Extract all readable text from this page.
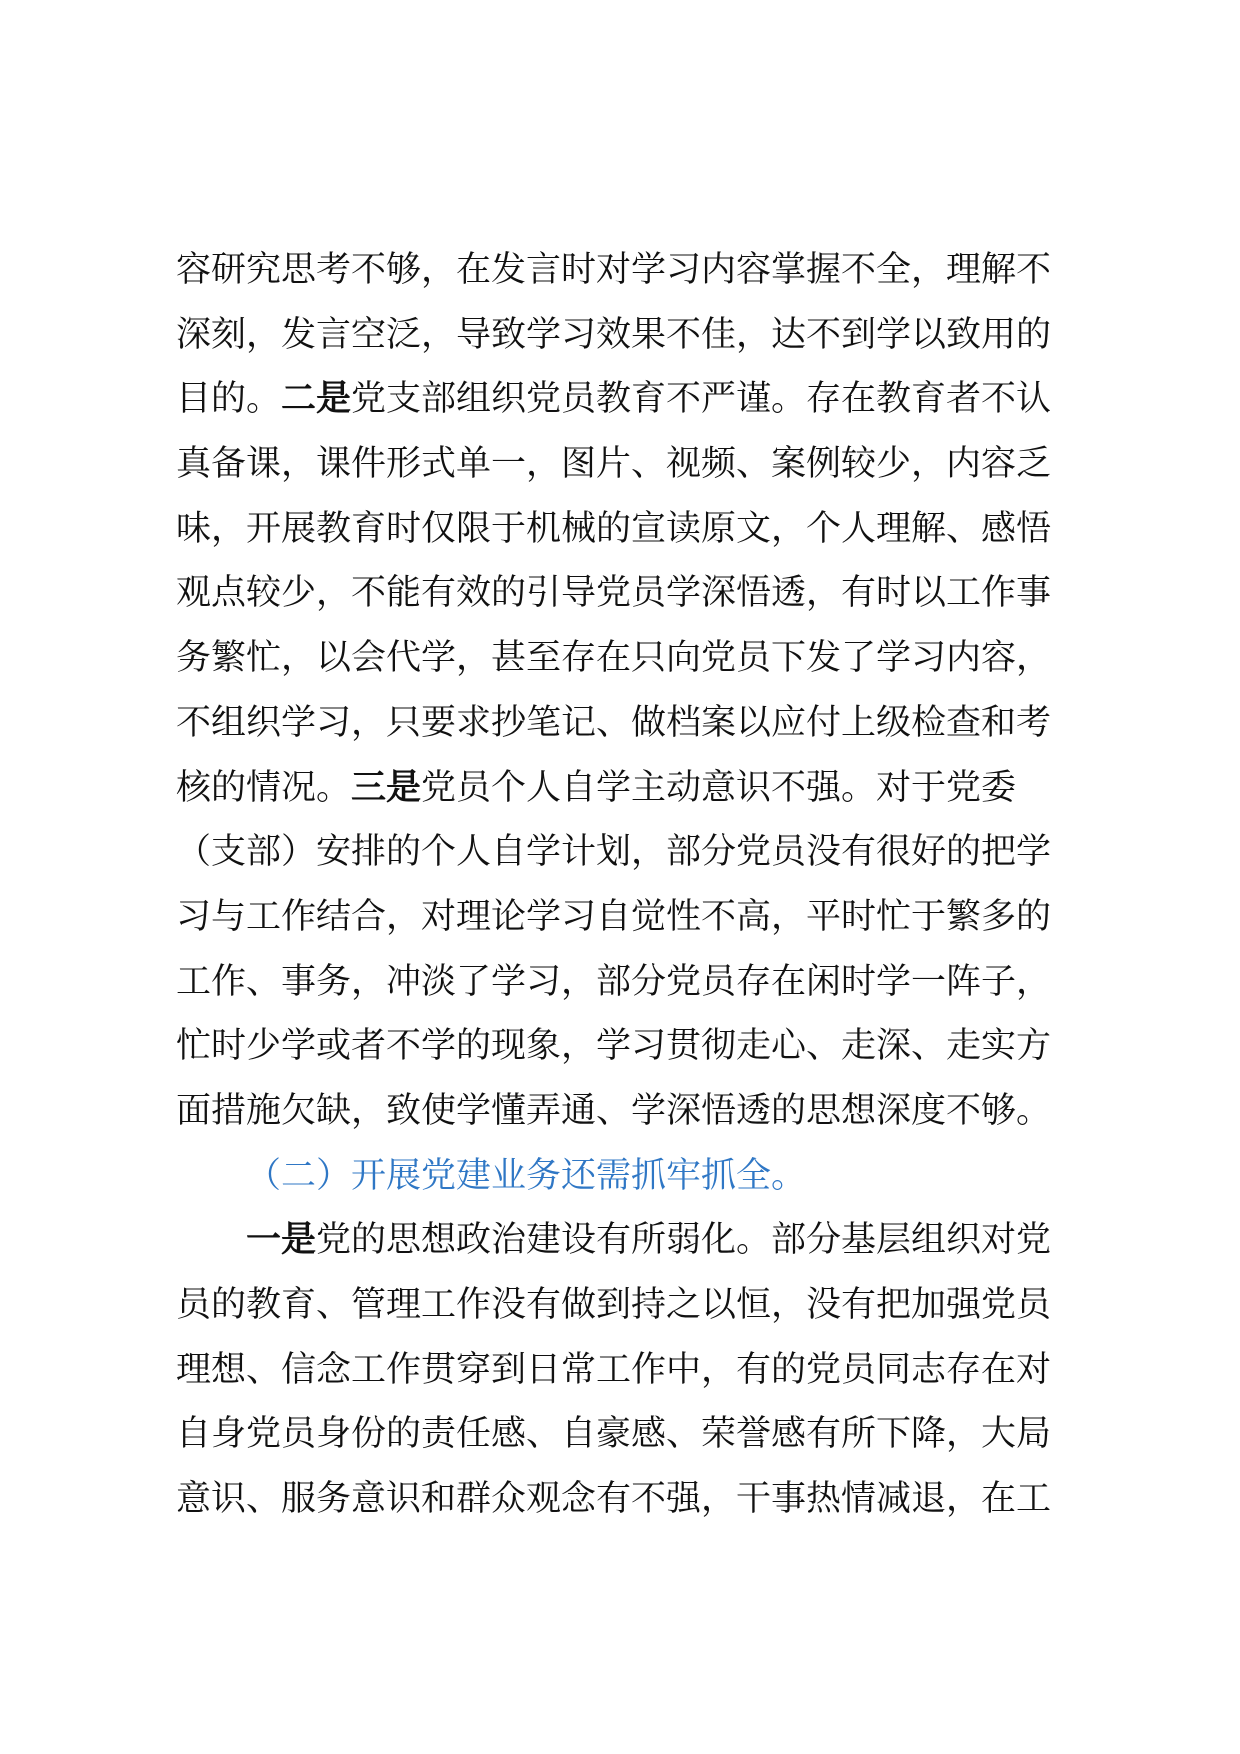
容研究思考不够，在发言时对学习内容掌握不全，理解不
深刻，发言空泛，导致学习效果不佳，达不到学以致用的
目的。二是党支部组织党员教育不严谨。存在教育者不认
真备课，课件形式单一，图片、视频、案例较少，内容乏
味，开展教育时仅限于机械的宣读原文，个人理解、感悟
观点较少，不能有效的引导党员学深悟透，有时以工作事
务繁忙，以会代学，甚至存在只向党员下发了学习内容，
不组织学习，只要求抄笔记、做档案以应付上级检查和考
核的情况。三是党员个人自学主动意识不强。对于党委
（支部）安排的个人自学计划，部分党员没有很好的把学
习与工作结合，对理论学习自觉性不高，平时忙于繁多的
工作、事务，冲淡了学习，部分党员存在闲时学一阵子，
忙时少学或者不学的现象，学习贯彻走心、走深、走实方
面措施欠缺，致使学懂弄通、学深悟透的思想深度不够。
（二）开展党建业务还需抓牢抓全。
一是党的思想政治建设有所弱化。部分基层组织对党
员的教育、管理工作没有做到持之以恒，没有把加强党员
理想、信念工作贯穿到日常工作中，有的党员同志存在对
自身党员身份的责任感、自豪感、荣誉感有所下降，大局
意识、服务意识和群众观念有不强，干事热情减退，在工
